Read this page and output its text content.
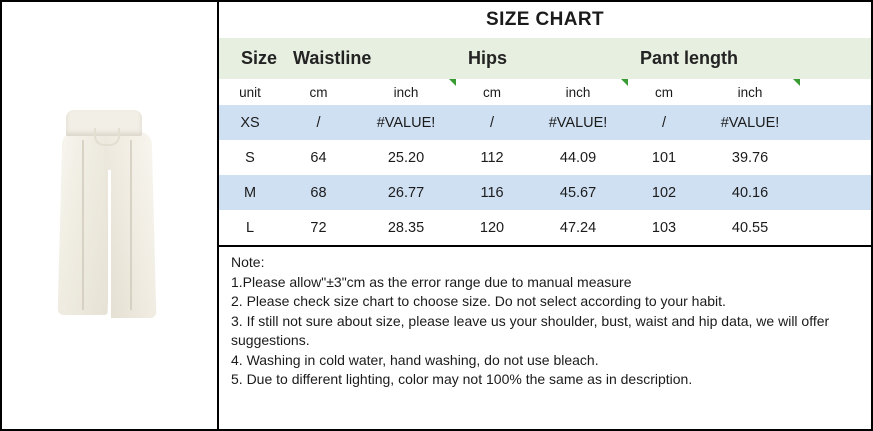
SIZE CHART
Size	Waistline		Hips		Pant length		
unit	cm	inch	cm	inch	cm	inch	
XS	/	#VALUE!	/	#VALUE!	/	#VALUE!	
S	64	25.20	112	44.09	101	39.76	
M	68	26.77	116	45.67	102	40.16	
L	72	28.35	120	47.24	103	40.55	
Note:
1.Please allow"±3"cm as the error range due to manual measure
2. Please check size chart to choose size. Do not select according to your habit.
3. If still not sure about size, please leave us your shoulder, bust, waist and hip data, we will offer suggestions.
4. Washing in cold water, hand washing, do not use bleach.
5. Due to different lighting, color may not 100% the same as in description.
